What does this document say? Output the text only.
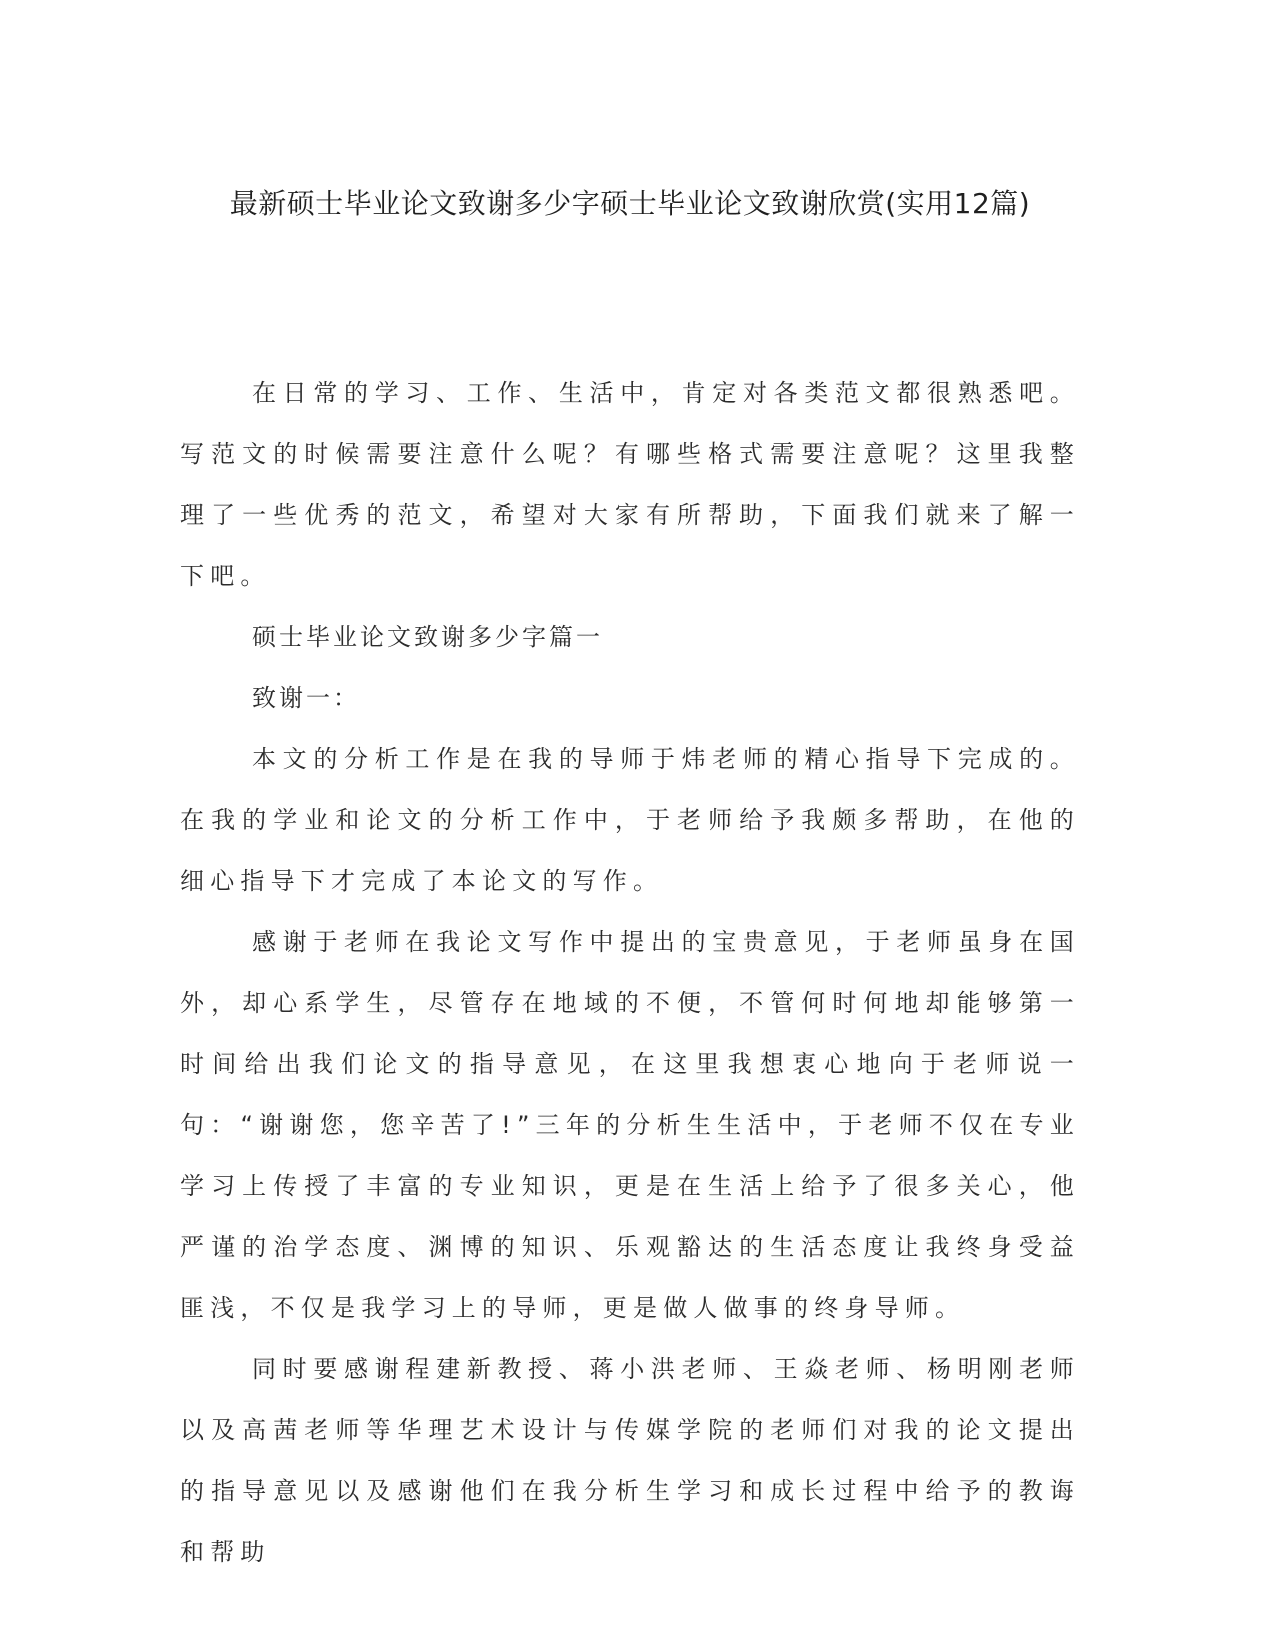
最新硕士毕业论文致谢多少字硕士毕业论文致谢欣赏(实用12篇)

在日常的学习、工作、生活中，肯定对各类范文都很熟悉吧。写范文的时候需要注意什么呢？有哪些格式需要注意呢？这里我整理了一些优秀的范文，希望对大家有所帮助，下面我们就来了解一下吧。

硕士毕业论文致谢多少字篇一

致谢一：

本文的分析工作是在我的导师于炜老师的精心指导下完成的。在我的学业和论文的分析工作中，于老师给予我颇多帮助，在他的细心指导下才完成了本论文的写作。

感谢于老师在我论文写作中提出的宝贵意见，于老师虽身在国外，却心系学生，尽管存在地域的不便，不管何时何地却能够第一时间给出我们论文的指导意见，在这里我想衷心地向于老师说一句：“谢谢您，您辛苦了!”三年的分析生生活中，于老师不仅在专业学习上传授了丰富的专业知识，更是在生活上给予了很多关心，他严谨的治学态度、渊博的知识、乐观豁达的生活态度让我终身受益匪浅，不仅是我学习上的导师，更是做人做事的终身导师。

同时要感谢程建新教授、蒋小洪老师、王焱老师、杨明刚老师以及高茜老师等华理艺术设计与传媒学院的老师们对我的论文提出的指导意见以及感谢他们在我分析生学习和成长过程中给予的教诲和帮助
